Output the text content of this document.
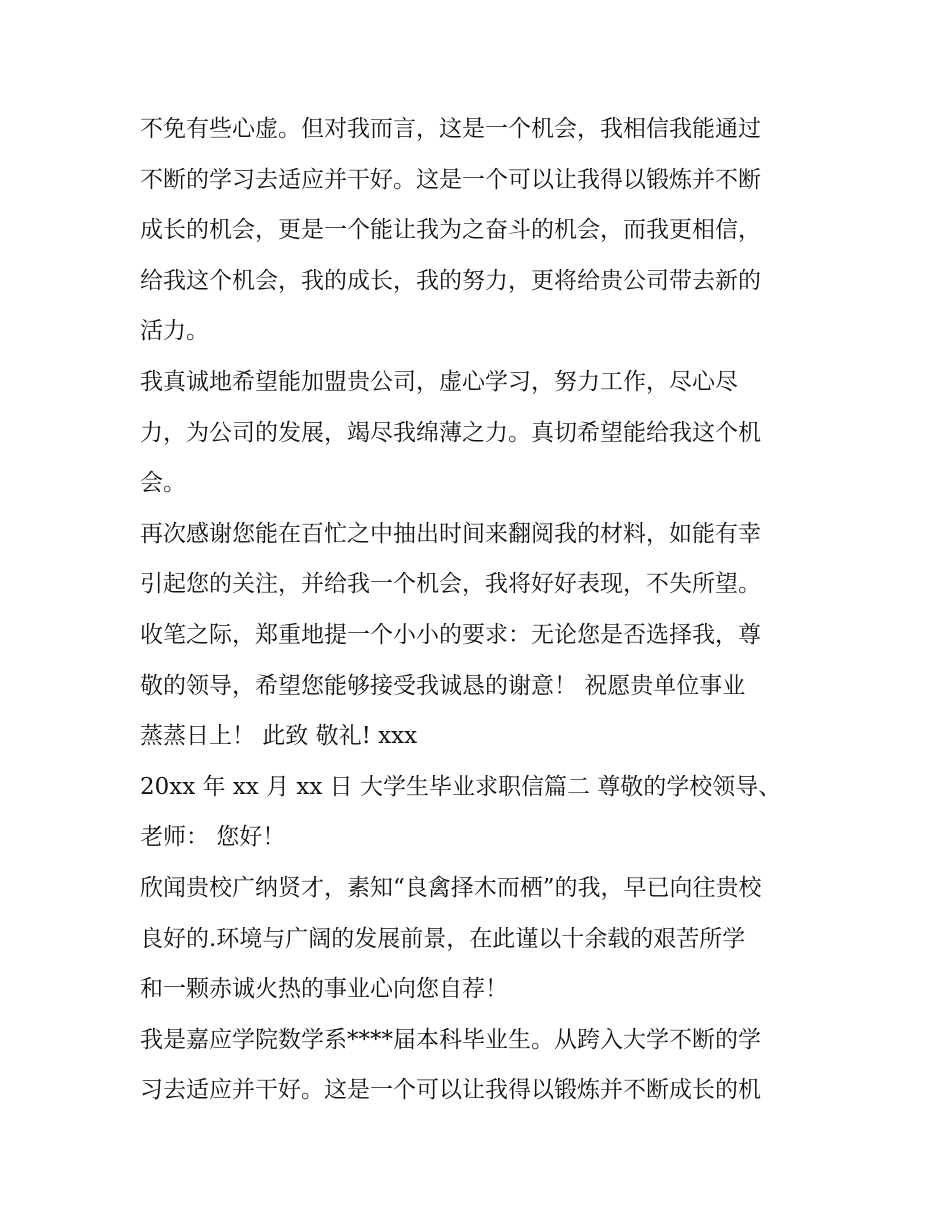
不免有些心虚。但对我而言，这是一个机会，我相信我能通过
不断的学习去适应并干好。这是一个可以让我得以锻炼并不断
成长的机会，更是一个能让我为之奋斗的机会，而我更相信，
给我这个机会，我的成长，我的努力，更将给贵公司带去新的
活力。
我真诚地希望能加盟贵公司，虚心学习，努力工作，尽心尽
力，为公司的发展，竭尽我绵薄之力。真切希望能给我这个机
会。
再次感谢您能在百忙之中抽出时间来翻阅我的材料，如能有幸
引起您的关注，并给我一个机会，我将好好表现，不失所望。
收笔之际，郑重地提一个小小的要求：无论您是否选择我，尊
敬的领导，希望您能够接受我诚恳的谢意！ 祝愿贵单位事业
蒸蒸日上！ 此致 敬礼! xxx
20xx 年 xx 月 xx 日 大学生毕业求职信篇二 尊敬的学校领导、
老师： 您好！
欣闻贵校广纳贤才，素知“良禽择木而栖”的我，早已向往贵校
良好的.环境与广阔的发展前景，在此谨以十余载的艰苦所学
和一颗赤诚火热的事业心向您自荐！
我是嘉应学院数学系****届本科毕业生。从跨入大学不断的学
习去适应并干好。这是一个可以让我得以锻炼并不断成长的机
